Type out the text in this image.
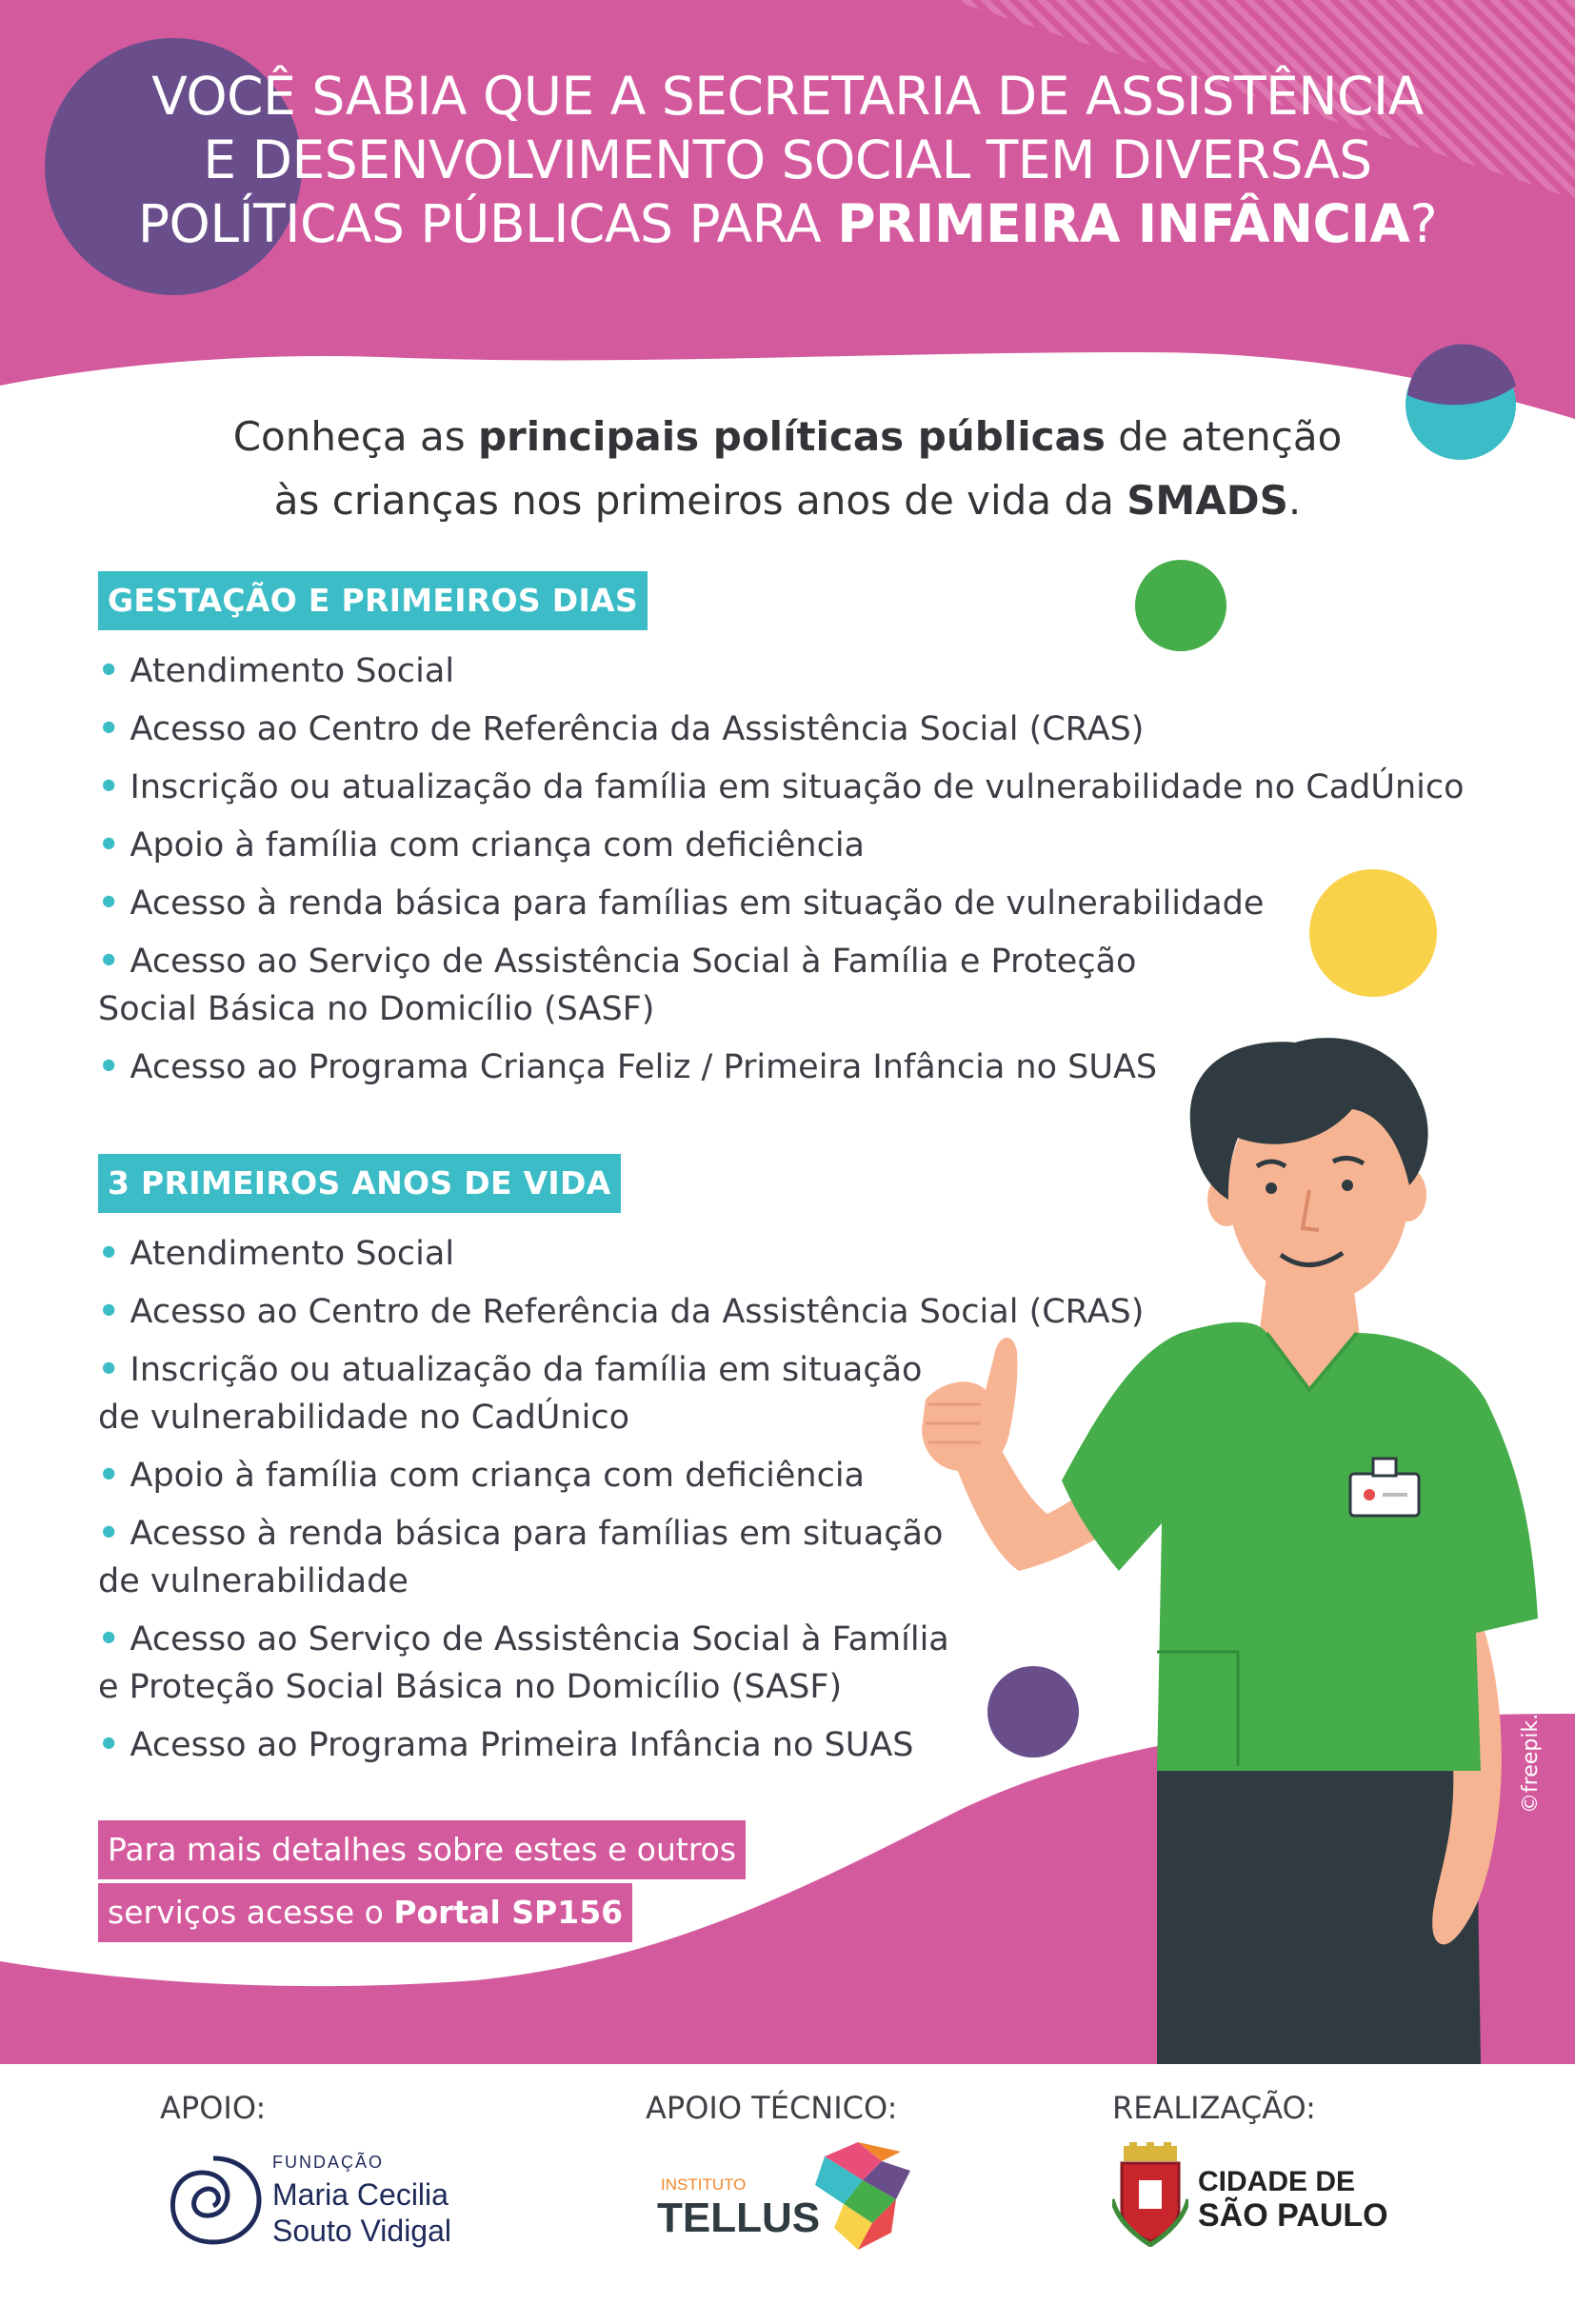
VOCÊ SABIA QUE A SECRETARIA DE ASSISTÊNCIA
E DESENVOLVIMENTO SOCIAL TEM DIVERSAS
POLÍTICAS PÚBLICAS PARA PRIMEIRA INFÂNCIA?
Conheça as principais políticas públicas de atenção
às crianças nos primeiros anos de vida da SMADS.
GESTAÇÃO E PRIMEIROS DIAS
• Atendimento Social
• Acesso ao Centro de Referência da Assistência Social (CRAS)
• Inscrição ou atualização da família em situação de vulnerabilidade no CadÚnico
• Apoio à família com criança com deficiência
• Acesso à renda básica para famílias em situação de vulnerabilidade
• Acesso ao Serviço de Assistência Social à Família e Proteção Social Básica no Domicílio (SASF)
• Acesso ao Programa Criança Feliz / Primeira Infância no SUAS
3 PRIMEIROS ANOS DE VIDA
• Atendimento Social
• Acesso ao Centro de Referência da Assistência Social (CRAS)
• Inscrição ou atualização da família em situação de vulnerabilidade no CadÚnico
• Apoio à família com criança com deficiência
• Acesso à renda básica para famílias em situação de vulnerabilidade
• Acesso ao Serviço de Assistência Social à Família e Proteção Social Básica no Domicílio (SASF)
• Acesso ao Programa Primeira Infância no SUAS
Para mais detalhes sobre estes e outros
serviços acesse o Portal SP156
©freepik.com
APOIO:	APOIO TÉCNICO:	REALIZAÇÃO:
FUNDAÇÃO
Maria Cecilia
Souto Vidigal
INSTITUTO
TELLUS
CIDADE DE
SÃO PAULO
